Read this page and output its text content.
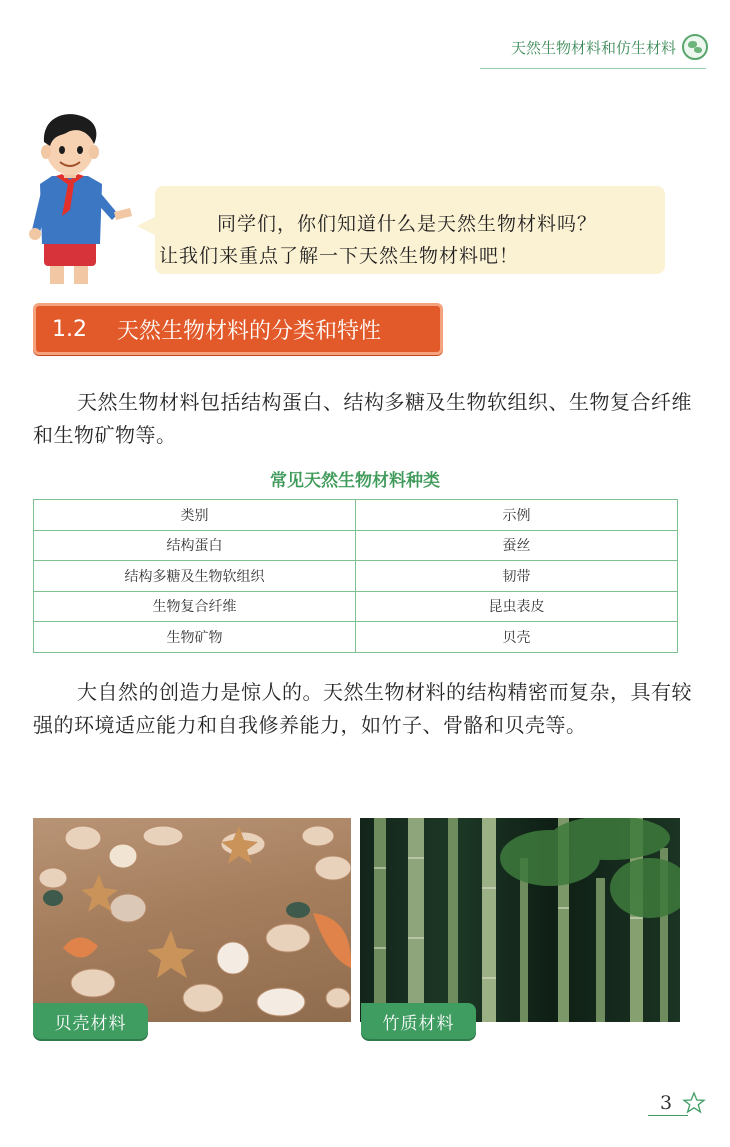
天然生物材料和仿生材料

同学们，你们知道什么是天然生物材料吗？

让我们来重点了解一下天然生物材料吧！

1.2 天然生物材料的分类和特性

天然生物材料包括结构蛋白、结构多糖及生物软组织、生物复合纤维和生物矿物等。

常见天然生物材料种类
类别	示例
结构蛋白	蚕丝
结构多糖及生物软组织	韧带
生物复合纤维	昆虫表皮
生物矿物	贝壳

大自然的创造力是惊人的。天然生物材料的结构精密而复杂，具有较强的环境适应能力和自我修养能力，如竹子、骨骼和贝壳等。

贝壳材料	竹质材料
3
